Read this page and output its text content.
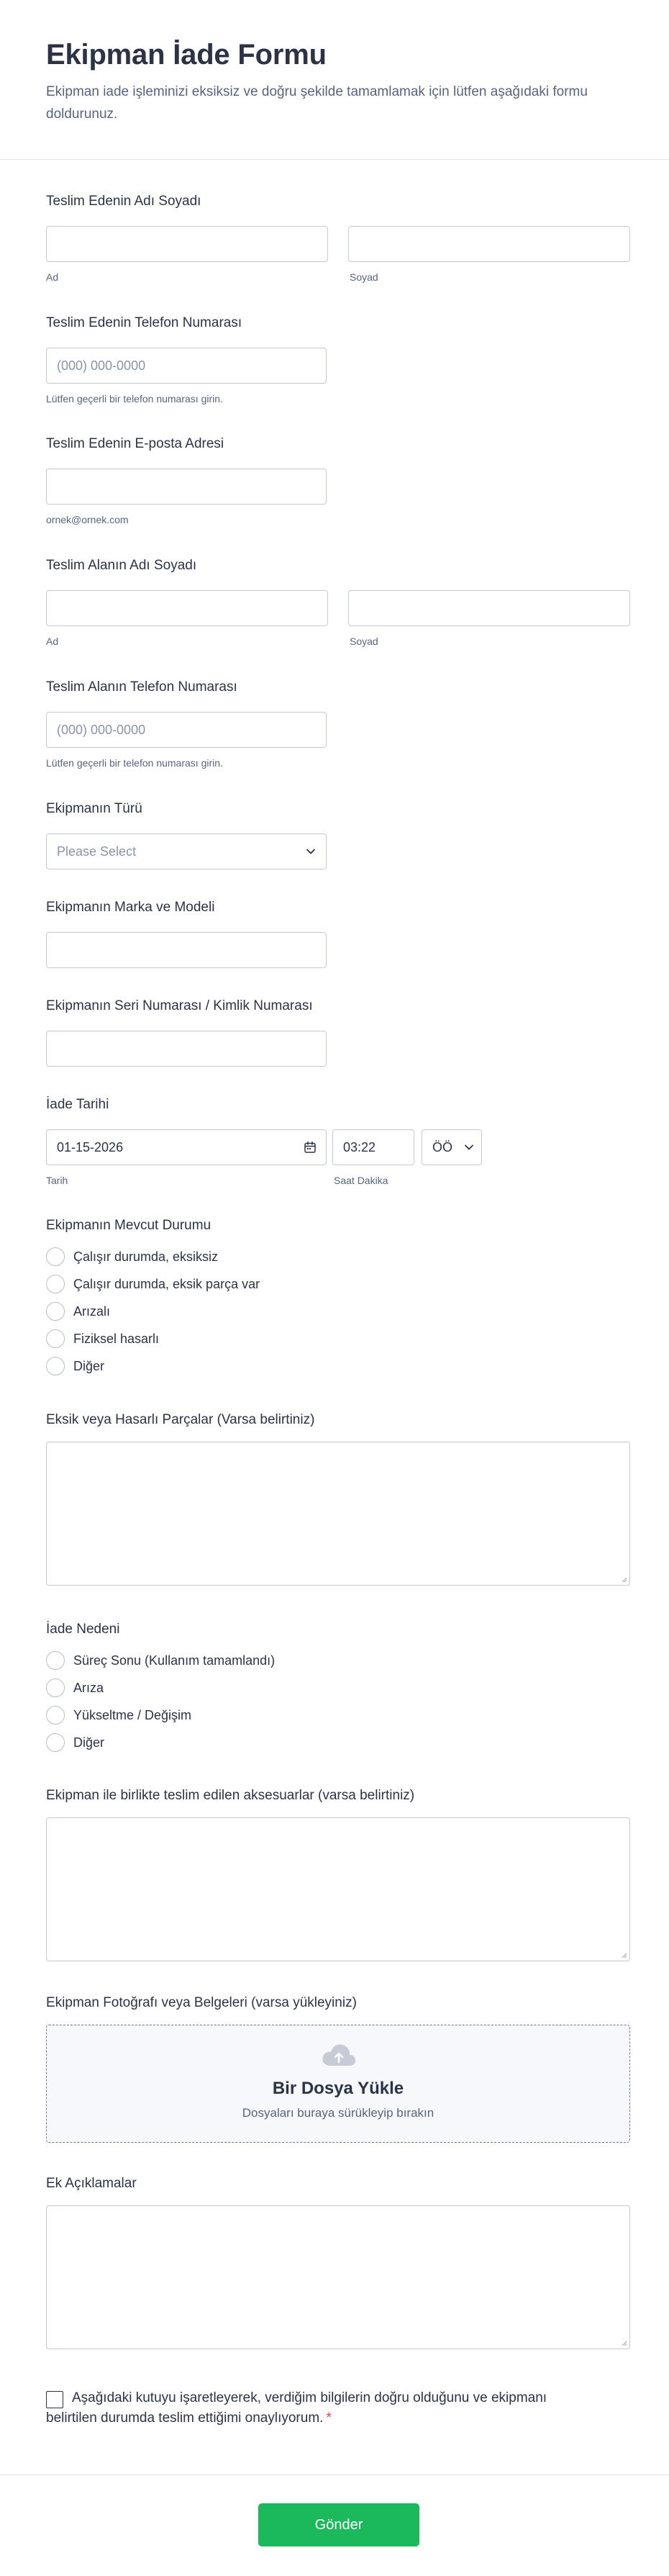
Ekipman İade Formu

Ekipman iade işleminizi eksiksiz ve doğru şekilde tamamlamak için lütfen aşağıdaki formu doldurunuz.

Teslim Edenin Adı Soyadı
Ad	Soyad
Teslim Edenin Telefon Numarası
(000) 000-0000
Lütfen geçerli bir telefon numarası girin.
Teslim Edenin E-posta Adresi
ornek@ornek.com
Teslim Alanın Adı Soyadı
Ad	Soyad
Teslim Alanın Telefon Numarası
(000) 000-0000
Lütfen geçerli bir telefon numarası girin.
Ekipmanın Türü
Please Select
Ekipmanın Marka ve Modeli
Ekipmanın Seri Numarası / Kimlik Numarası
İade Tarihi
01-15-2026	03:22	ÖÖ
Tarih	Saat Dakika
Ekipmanın Mevcut Durumu
Çalışır durumda, eksiksiz
Çalışır durumda, eksik parça var
Arızalı
Fiziksel hasarlı
Diğer
Eksik veya Hasarlı Parçalar (Varsa belirtiniz)
İade Nedeni
Süreç Sonu (Kullanım tamamlandı)
Arıza
Yükseltme / Değişim
Diğer
Ekipman ile birlikte teslim edilen aksesuarlar (varsa belirtiniz)
Ekipman Fotoğrafı veya Belgeleri (varsa yükleyiniz)
Bir Dosya Yükle
Dosyaları buraya sürükleyip bırakın
Ek Açıklamalar
Aşağıdaki kutuyu işaretleyerek, verdiğim bilgilerin doğru olduğunu ve ekipmanı belirtilen durumda teslim ettiğimi onaylıyorum. *
Gönder
